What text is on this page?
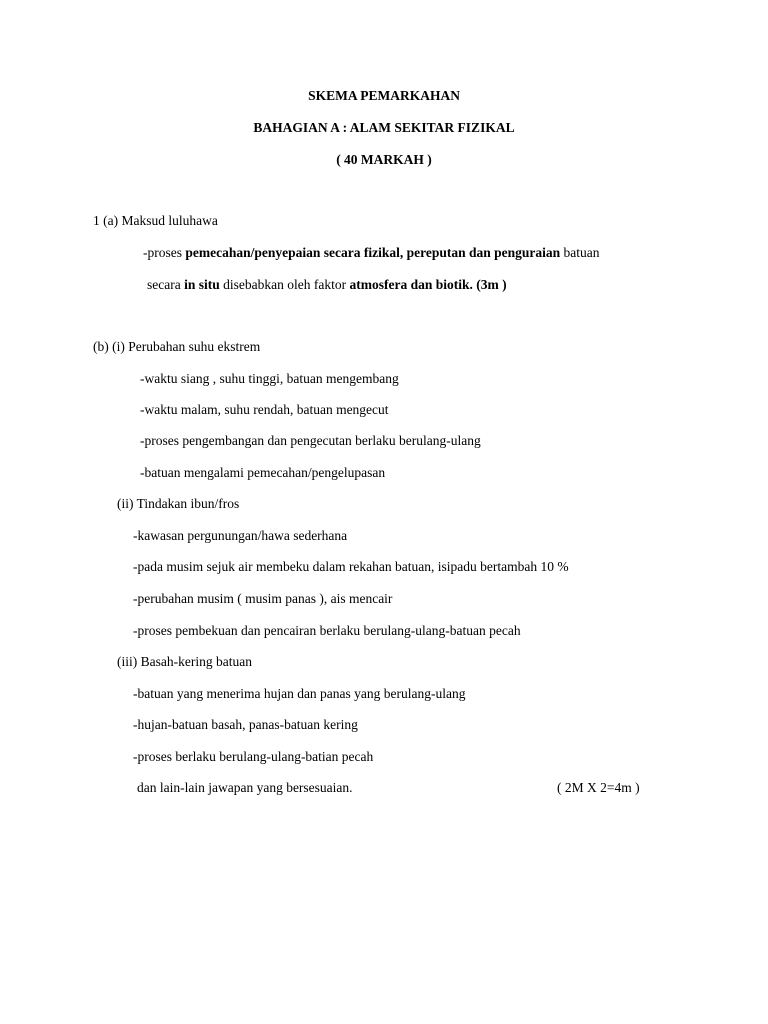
SKEMA PEMARKAHAN
BAHAGIAN A : ALAM SEKITAR FIZIKAL
( 40 MARKAH )
1 (a) Maksud luluhawa
-proses pemecahan/penyepaian secara fizikal, pereputan dan penguraian batuan
secara in situ disebabkan oleh faktor atmosfera dan biotik. (3m )
(b) (i) Perubahan suhu ekstrem
-waktu siang , suhu tinggi, batuan mengembang
-waktu malam, suhu rendah, batuan mengecut
-proses pengembangan dan pengecutan berlaku berulang-ulang
-batuan mengalami pemecahan/pengelupasan
(ii) Tindakan ibun/fros
-kawasan pergunungan/hawa sederhana
-pada musim sejuk air membeku dalam rekahan batuan, isipadu bertambah 10 %
-perubahan musim ( musim panas ), ais mencair
-proses pembekuan dan pencairan berlaku berulang-ulang-batuan pecah
(iii) Basah-kering batuan
-batuan yang menerima hujan dan panas yang berulang-ulang
-hujan-batuan basah, panas-batuan kering
-proses berlaku berulang-ulang-batian pecah
dan lain-lain jawapan yang bersesuaian.	( 2M X 2=4m )
